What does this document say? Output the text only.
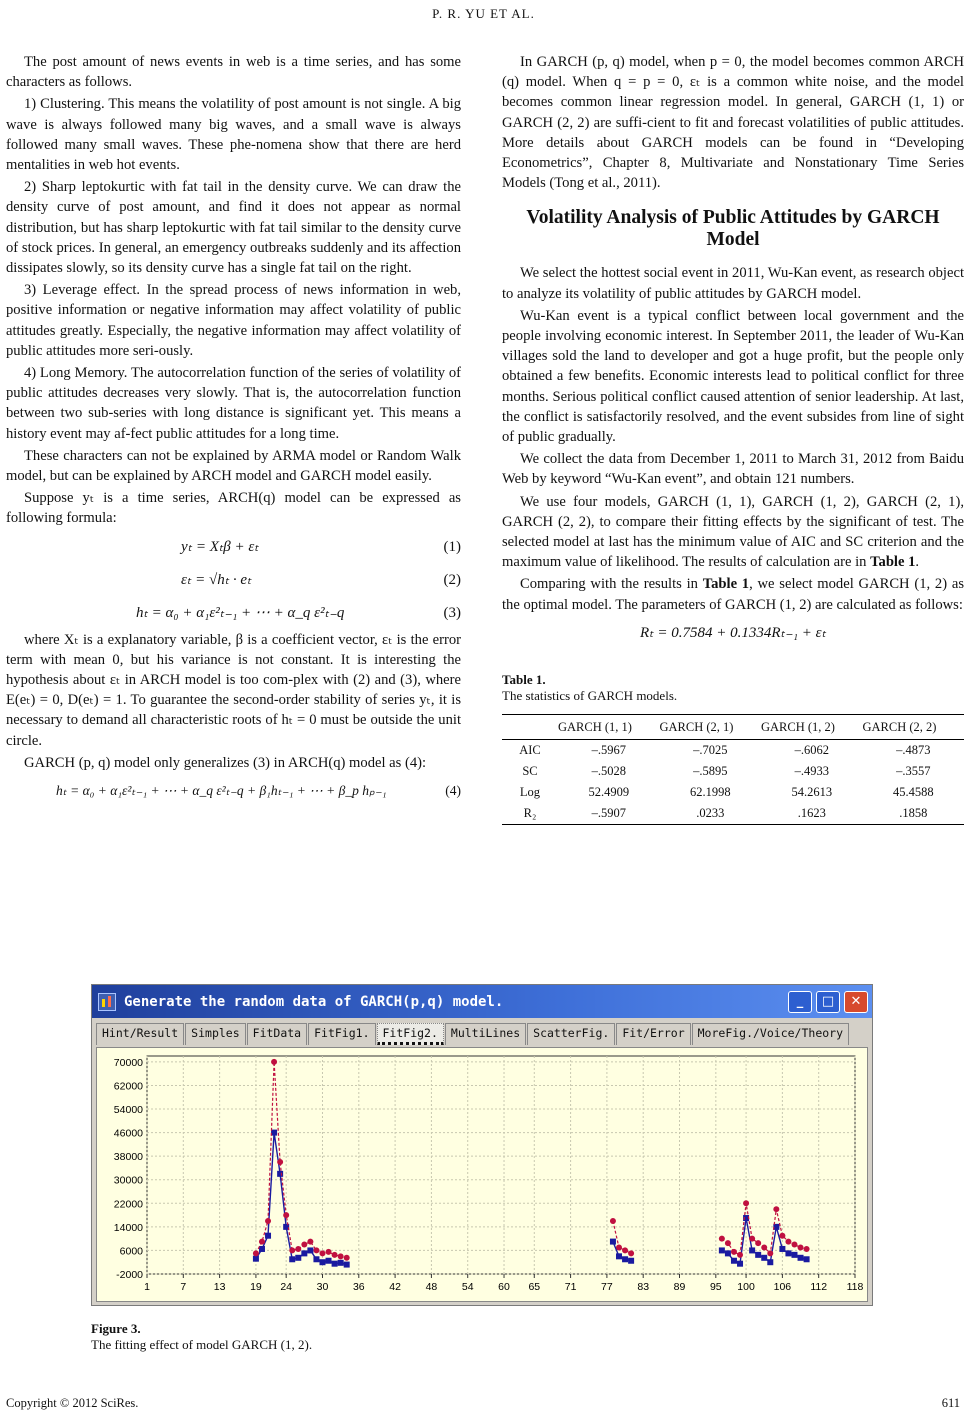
P. R. YU ET AL.

The post amount of news events in web is a time series, and has some characters as follows.

1) Clustering. This means the volatility of post amount is not single. A big wave is always followed many big waves, and a small wave is always followed many small waves. These phe-nomena show that there are herd mentalities in web hot events.

2) Sharp leptokurtic with fat tail in the density curve. We can draw the density curve of post amount, and find it does not appear as normal distribution, but has sharp leptokurtic with fat tail similar to the density curve of stock prices. In general, an emergency outbreaks suddenly and its affection dissipates slowly, so its density curve has a single fat tail on the right.

3) Leverage effect. In the spread process of news information in web, positive information or negative information may affect volatility of public attitudes greatly. Especially, the negative information may affect volatility of public attitudes more seri-ously.

4) Long Memory. The autocorrelation function of the series of volatility of public attitudes decreases very slowly. That is, the autocorrelation function between two sub-series with long distance is significant yet. This means a history event may af-fect public attitudes for a long time.

These characters can not be explained by ARMA model or Random Walk model, but can be explained by ARCH model and GARCH model easily.

Suppose yₜ is a time series, ARCH(q) model can be expressed as following formula:

yₜ = Xₜβ + εₜ	(1)
εₜ = √hₜ · eₜ	(2)
hₜ = α₀ + α₁ε²ₜ₋₁ + ⋯ + α_q ε²ₜ₋q	(3)

where Xₜ is a explanatory variable, β is a coefficient vector, εₜ is the error term with mean 0, but his variance is not constant. It is interesting the hypothesis about εₜ in ARCH model is too com-plex with (2) and (3), where E(eₜ) = 0, D(eₜ) = 1. To guarantee the second-order stability of series yₜ, it is necessary to demand all characteristic roots of hₜ = 0 must be outside the unit circle.

GARCH (p, q) model only generalizes (3) in ARCH(q) model as (4):

hₜ = α₀ + α₁ε²ₜ₋₁ + ⋯ + α_q ε²ₜ₋q + β₁hₜ₋₁ + ⋯ + β_p hₚ₋₁	(4)

In GARCH (p, q) model, when p = 0, the model becomes common ARCH (q) model. When q = p = 0, εₜ is a common white noise, and the model becomes common linear regression model. In general, GARCH (1, 1) or GARCH (2, 2) are suffi-cient to fit and forecast volatilities of public attitudes. More details about GARCH models can be found in “Developing Econometrics”, Chapter 8, Multivariate and Nonstationary Time Series Models (Tong et al., 2011).

Volatility Analysis of Public Attitudes by GARCH Model

We select the hottest social event in 2011, Wu-Kan event, as research object to analyze its volatility of public attitudes by GARCH model.

Wu-Kan event is a typical conflict between local government and the people involving economic interest. In September 2011, the leader of Wu-Kan villages sold the land to developer and got a huge profit, but the people only obtained a few benefits. Economic interests lead to political conflict for three months. Serious political conflict caused attention of senior leadership. At last, the conflict is satisfactorily resolved, and the event subsides from line of sight of public gradually.

We collect the data from December 1, 2011 to March 31, 2012 from Baidu Web by keyword “Wu-Kan event”, and obtain 121 numbers.

We use four models, GARCH (1, 1), GARCH (1, 2), GARCH (2, 1), GARCH (2, 2), to compare their fitting effects by the significant of test. The selected model at last has the minimum value of AIC and SC criterion and the maximum value of likelihood. The results of calculation are in Table 1.

Comparing with the results in Table 1, we select model GARCH (1, 2) as the optimal model. The parameters of GARCH (1, 2) are calculated as follows:

Rₜ = 0.7584 + 0.1334Rₜ₋₁ + εₜ
Table 1.
The statistics of GARCH models.
	GARCH (1, 1)	GARCH (2, 1)	GARCH (1, 2)	GARCH (2, 2)
AIC	–.5967	–.7025	–.6062	–.4873
SC	–.5028	–.5895	–.4933	–.3557
Log	52.4909	62.1998	54.2613	45.4588
R₂	–.5907	.0233	.1623	.1858
Generate the random data of GARCH(p,q) model.	_	□	✕
Hint/Result	Simples	FitData	FitFig1.	FitFig2.	MultiLines	ScatterFig.	Fit/Error	MoreFig./Voice/Theory
70000
62000
54000
46000
38000
30000
22000
14000
6000
-2000
1	7	13 19 24 30 36 42 48 54 60 65 71 77 83 89 95 100 106 112 118
Figure 3.
The fitting effect of model GARCH (1, 2).
Copyright © 2012 SciRes.	611
